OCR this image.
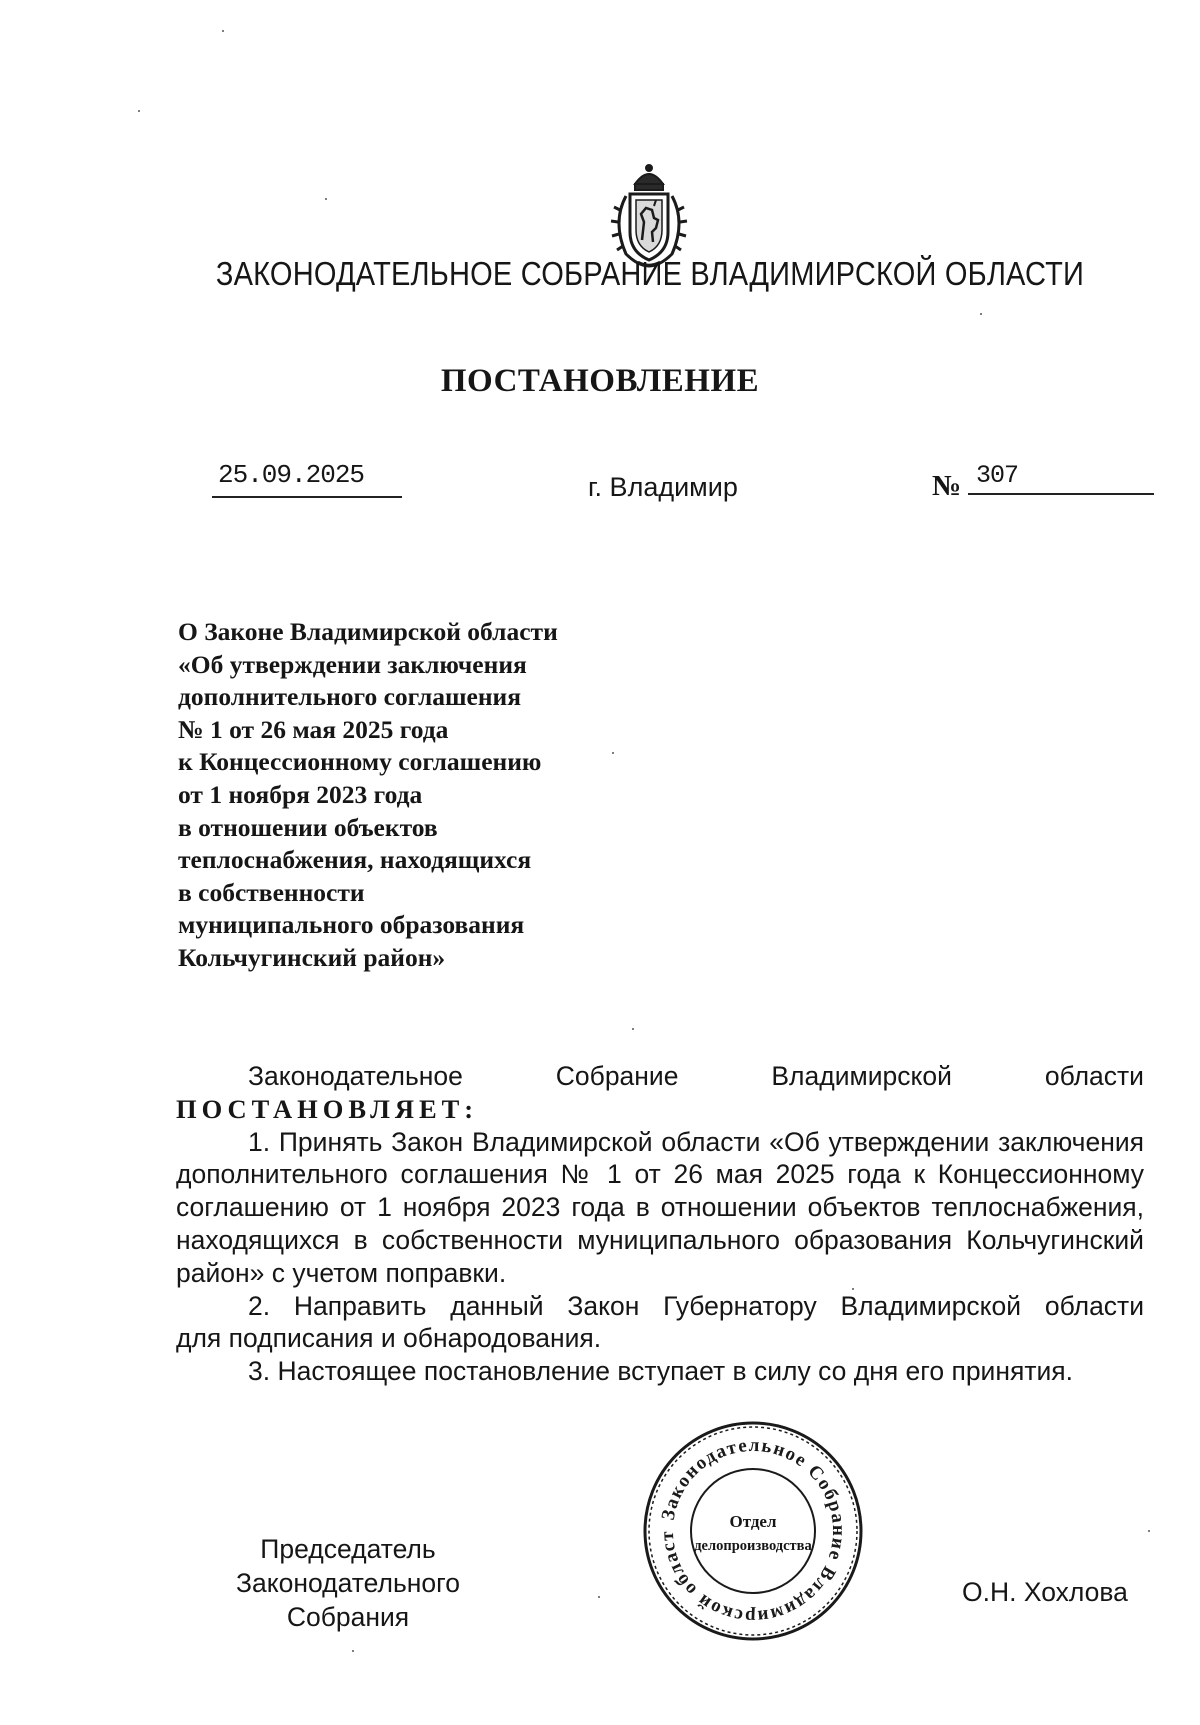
ЗАКОНОДАТЕЛЬНОЕ СОБРАНИЕ ВЛАДИМИРСКОЙ ОБЛАСТИ
ПОСТАНОВЛЕНИЕ
25.09.2025	г. Владимир	№ 307
О Законе Владимирской области
«Об утверждении заключения
дополнительного соглашения
№ 1 от 26 мая 2025 года
к Концессионному соглашению
от 1 ноября 2023 года
в отношении объектов
теплоснабжения, находящихся
в собственности
муниципального образования
Кольчугинский район»
Законодательное	Собрание	Владимирской	области
ПОСТАНОВЛЯЕТ:
1. Принять Закон Владимирской области «Об утверждении заключения
дополнительного соглашения № 1 от 26 мая 2025 года к Концессионному
соглашению от 1 ноября 2023 года в отношении объектов теплоснабжения,
находящихся в собственности муниципального образования Кольчугинский
район» с учетом поправки.
2. Направить данный Закон Губернатору Владимирской области
для подписания и обнародования.
3. Настоящее постановление вступает в силу со дня его принятия.
Председатель
Законодательного Собрания
О.Н. Хохлова
Законодательное Собрание Владимирской област
Отдел
делопроизводства
